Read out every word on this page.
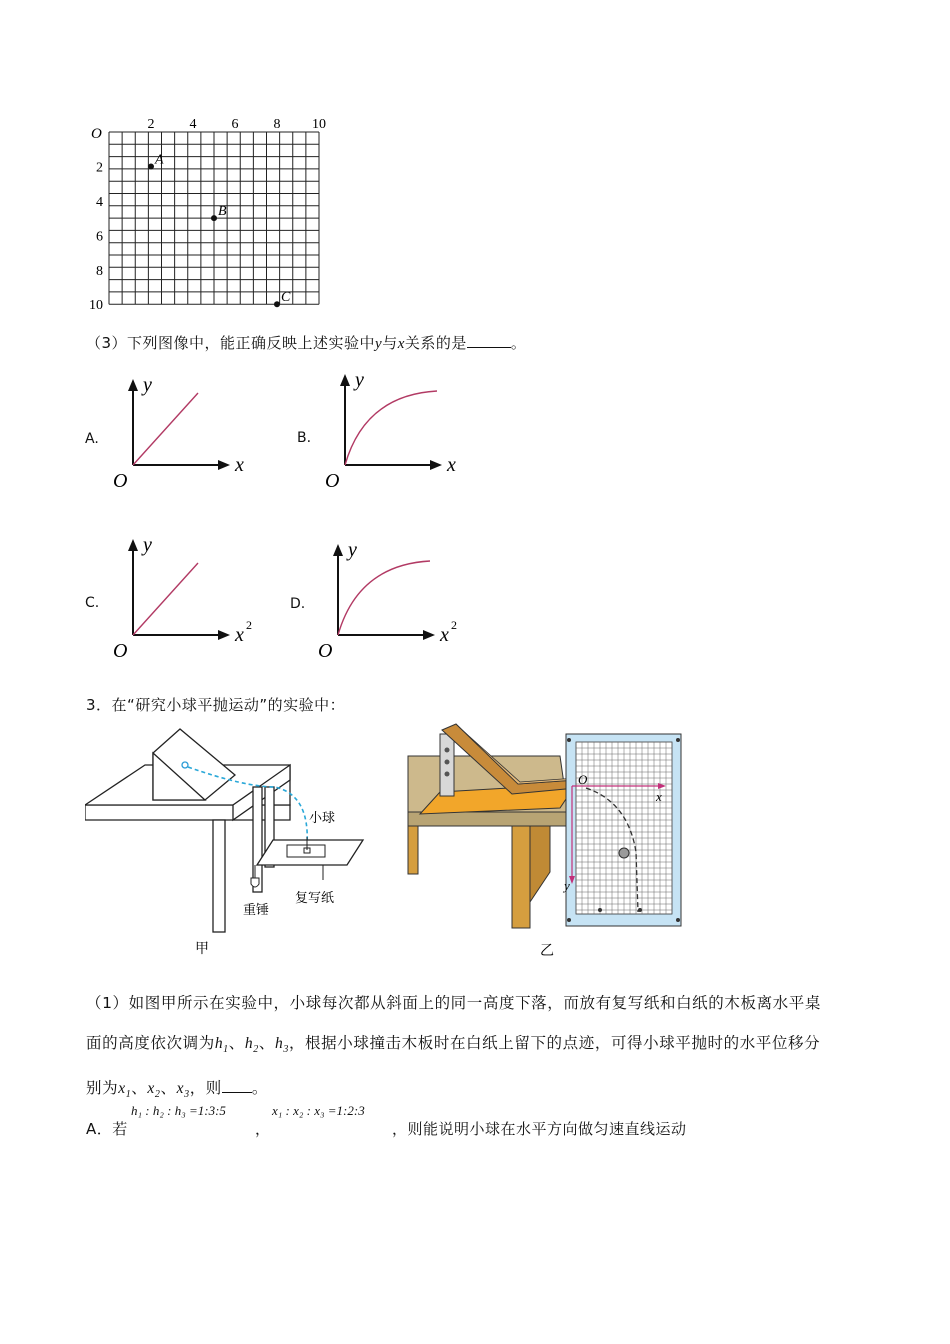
O
2	4	6	8 10
2
4
6
8
10
A
B
C
（3）下列图像中，能正确反映上述实验中y与x关系的是	。
A.
O
y
x
B.
O
y
x
C.
O
y
x 2
D.
O
y
x 2
3．在“研究小球平抛运动”的实验中：
小球
复写纸
重锤
甲
O
x
y
乙
（1）如图甲所示在实验中，小球每次都从斜面上的同一高度下落，而放有复写纸和白纸的木板离水平桌
面的高度依次调为$h_1$、$h_2$、$h_3$，根据小球撞击木板时在白纸上留下的点迹，可得小球平抛时的水平位移分
别为$x_1$、$x_2$、$x_3$，则 。
A．若
h₁ : h₂ : h₃ =1:3:5
，
x₁ : x₂ : x₃ =1:2:3
，则能说明小球在水平方向做匀速直线运动
